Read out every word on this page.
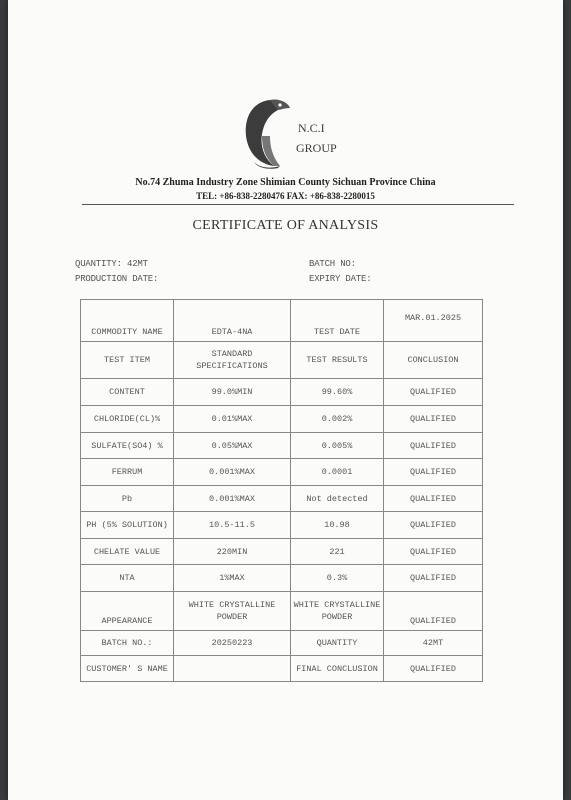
N.C.I
GROUP
No.74 Zhuma Industry Zone Shimian County Sichuan Province China
TEL: +86-838-2280476 FAX: +86-838-2280015
CERTIFICATE OF ANALYSIS
QUANTITY: 42MT
PRODUCTION DATE:
BATCH NO:
EXPIRY DATE:
COMMODITY NAME	EDTA-4NA	TEST DATE	MAR.01.2025
TEST ITEM	STANDARD SPECIFICATIONS	TEST RESULTS	CONCLUSION
CONTENT	99.0%MIN	99.60%	QUALIFIED
CHLORIDE(CL)%	0.01%MAX	0.002%	QUALIFIED
SULFATE(SO4) %	0.05%MAX	0.005%	QUALIFIED
FERRUM	0.001%MAX	0.0001	QUALIFIED
Pb	0.001%MAX	Not detected	QUALIFIED
PH (5% SOLUTION)	10.5-11.5	10.98	QUALIFIED
CHELATE VALUE	220MIN	221	QUALIFIED
NTA	1%MAX	0.3%	QUALIFIED
APPEARANCE	WHITE CRYSTALLINE POWDER	WHITE CRYSTALLINE POWDER	QUALIFIED
BATCH NO.:	20250223	QUANTITY	42MT
CUSTOMER' S NAME		FINAL CONCLUSION	QUALIFIED
